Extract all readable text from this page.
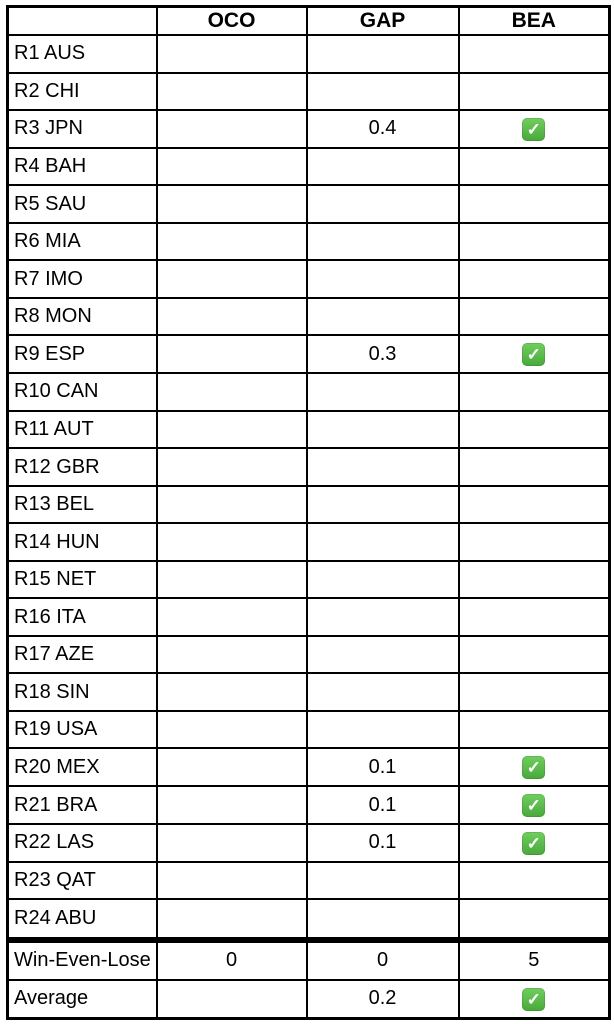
	OCO	GAP	BEA
R1 AUS			
R2 CHI			
R3 JPN		0.4	✓
R4 BAH			
R5 SAU			
R6 MIA			
R7 IMO			
R8 MON			
R9 ESP		0.3	✓
R10 CAN			
R11 AUT			
R12 GBR			
R13 BEL			
R14 HUN			
R15 NET			
R16 ITA			
R17 AZE			
R18 SIN			
R19 USA			
R20 MEX		0.1	✓
R21 BRA		0.1	✓
R22 LAS		0.1	✓
R23 QAT			
R24 ABU			
Win-Even-Lose	0	0	5
Average		0.2	✓
